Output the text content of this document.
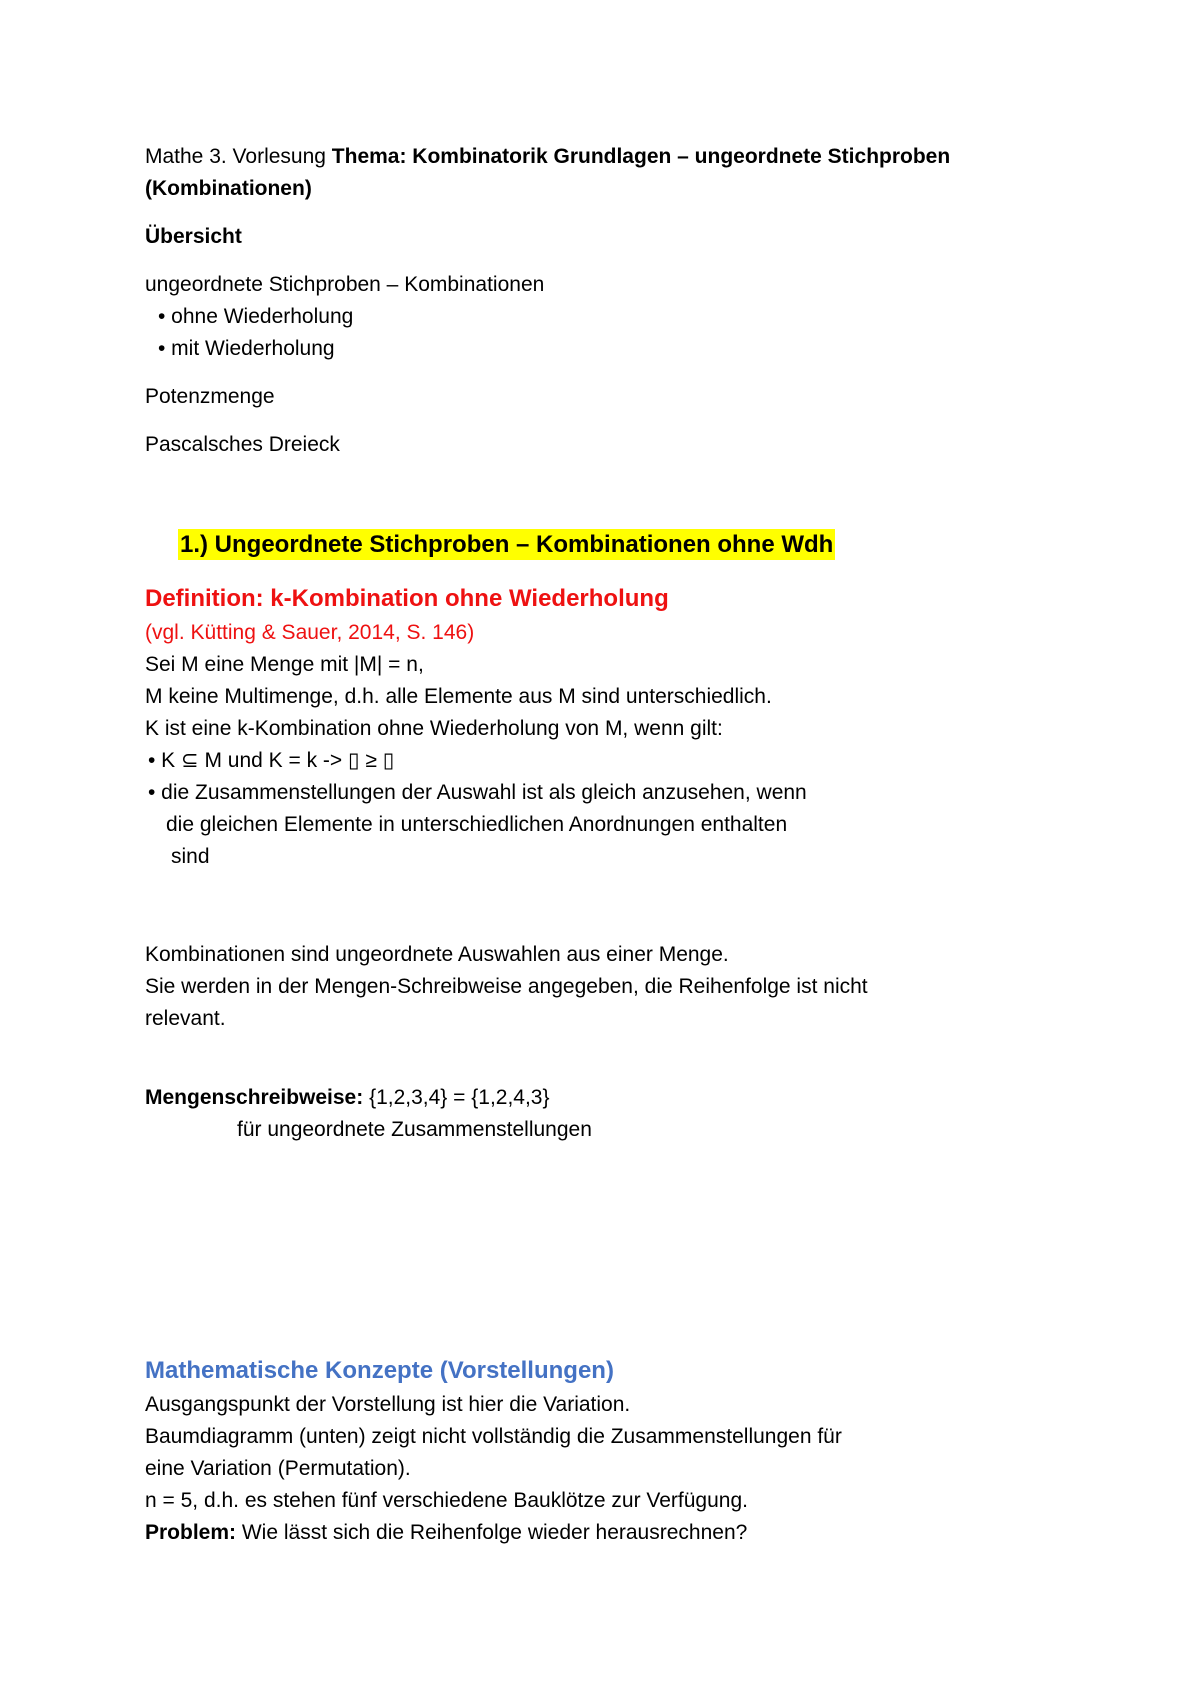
Mathe 3. Vorlesung Thema: Kombinatorik Grundlagen – ungeordnete Stichproben
(Kombinationen)
Übersicht
ungeordnete Stichproben – Kombinationen
• ohne Wiederholung
• mit Wiederholung
Potenzmenge
Pascalsches Dreieck
1.) Ungeordnete Stichproben – Kombinationen ohne Wdh
Definition: k-Kombination ohne Wiederholung
(vgl. Kütting & Sauer, 2014, S. 146)
Sei M eine Menge mit |M| = n,
M keine Multimenge, d.h. alle Elemente aus M sind unterschiedlich.
K ist eine k-Kombination ohne Wiederholung von M, wenn gilt:
• K ⊆ M und K = k -> ▯ ≥ ▯
• die Zusammenstellungen der Auswahl ist als gleich anzusehen, wenn
die gleichen Elemente in unterschiedlichen Anordnungen enthalten
sind
Kombinationen sind ungeordnete Auswahlen aus einer Menge.
Sie werden in der Mengen-Schreibweise angegeben, die Reihenfolge ist nicht
relevant.
Mengenschreibweise: {1,2,3,4} = {1,2,4,3}
für ungeordnete Zusammenstellungen
Mathematische Konzepte (Vorstellungen)
Ausgangspunkt der Vorstellung ist hier die Variation.
Baumdiagramm (unten) zeigt nicht vollständig die Zusammenstellungen für
eine Variation (Permutation).
n = 5, d.h. es stehen fünf verschiedene Bauklötze zur Verfügung.
Problem: Wie lässt sich die Reihenfolge wieder herausrechnen?
